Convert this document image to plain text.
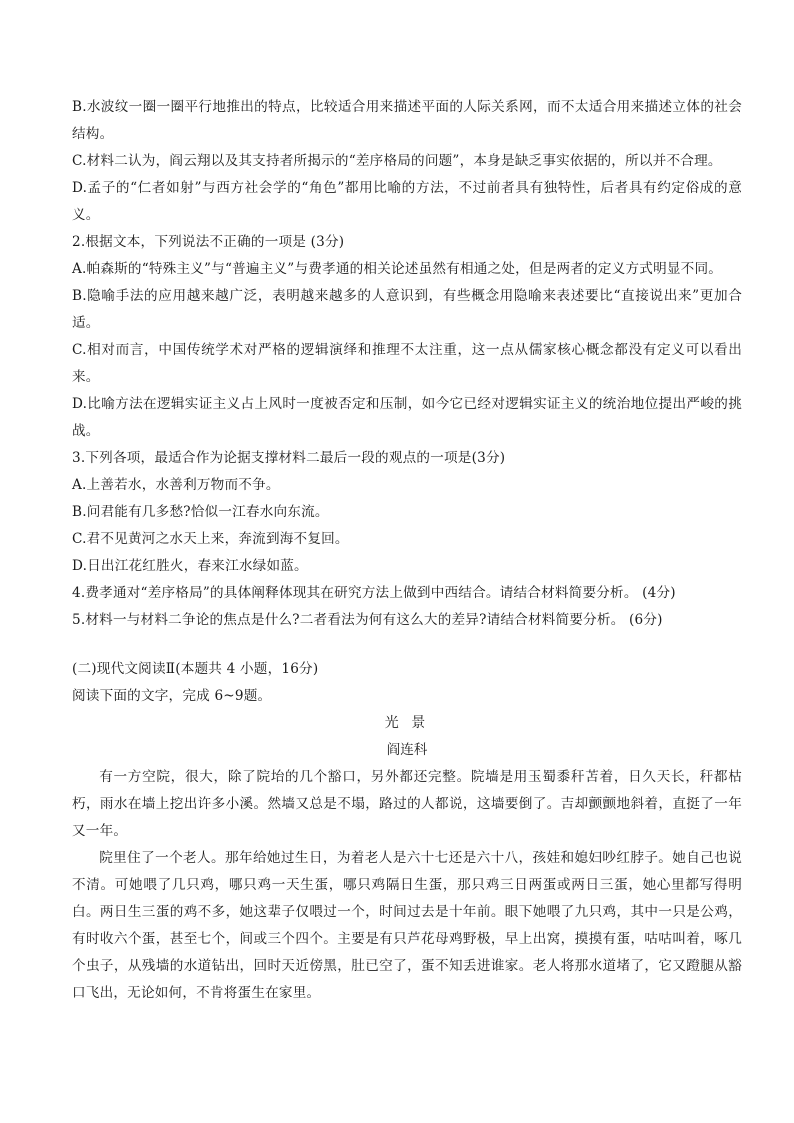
B.水波纹一圈一圈平行地推出的特点，比较适合用来描述平面的人际关系网，而不太适合用来描述立体的社会结构。

C.材料二认为，阎云翔以及其支持者所揭示的“差序格局的问题”，本身是缺乏事实依据的，所以并不合理。

D.孟子的“仁者如射”与西方社会学的“角色”都用比喻的方法，不过前者具有独特性，后者具有约定俗成的意义。

2.根据文本，下列说法不正确的一项是 (3分)

A.帕森斯的“特殊主义”与“普遍主义”与费孝通的相关论述虽然有相通之处，但是两者的定义方式明显不同。

B.隐喻手法的应用越来越广泛，表明越来越多的人意识到，有些概念用隐喻来表述要比“直接说出来”更加合适。

C.相对而言，中国传统学术对严格的逻辑演绎和推理不太注重，这一点从儒家核心概念都没有定义可以看出来。

D.比喻方法在逻辑实证主义占上风时一度被否定和压制，如今它已经对逻辑实证主义的统治地位提出严峻的挑战。

3.下列各项，最适合作为论据支撑材料二最后一段的观点的一项是(3分)

A.上善若水，水善利万物而不争。

B.问君能有几多愁?恰似一江春水向东流。

C.君不见黄河之水天上来，奔流到海不复回。

D.日出江花红胜火，春来江水绿如蓝。

4.费孝通对“差序格局”的具体阐释体现其在研究方法上做到中西结合。请结合材料简要分析。 (4分)

5.材料一与材料二争论的焦点是什么?二者看法为何有这么大的差异?请结合材料简要分析。 (6分)

(二)现代文阅读Ⅱ(本题共 4 小题，16分)

阅读下面的文字，完成 6~9题。

光 景

阎连科

有一方空院，很大，除了院坮的几个豁口，另外都还完整。院墙是用玉蜀黍秆苫着，日久天长，秆都枯朽，雨水在墙上挖出许多小溪。然墙又总是不塌，路过的人都说，这墙要倒了。吉却颤颤地斜着，直挺了一年又一年。

院里住了一个老人。那年给她过生日，为着老人是六十七还是六十八，孩娃和媳妇吵红脖子。她自己也说不清。可她喂了几只鸡，哪只鸡一天生蛋，哪只鸡隔日生蛋，那只鸡三日两蛋或两日三蛋，她心里都写得明白。两日生三蛋的鸡不多，她这辈子仅喂过一个，时间过去是十年前。眼下她喂了九只鸡，其中一只是公鸡，有时收六个蛋，甚至七个，间或三个四个。主要是有只芦花母鸡野极，早上出窝，摸摸有蛋，咕咕叫着，啄几个虫子，从残墙的水道钻出，回时天近傍黑，肚已空了，蛋不知丢进谁家。老人将那水道堵了，它又蹬腿从豁口飞出，无论如何，不肯将蛋生在家里。
